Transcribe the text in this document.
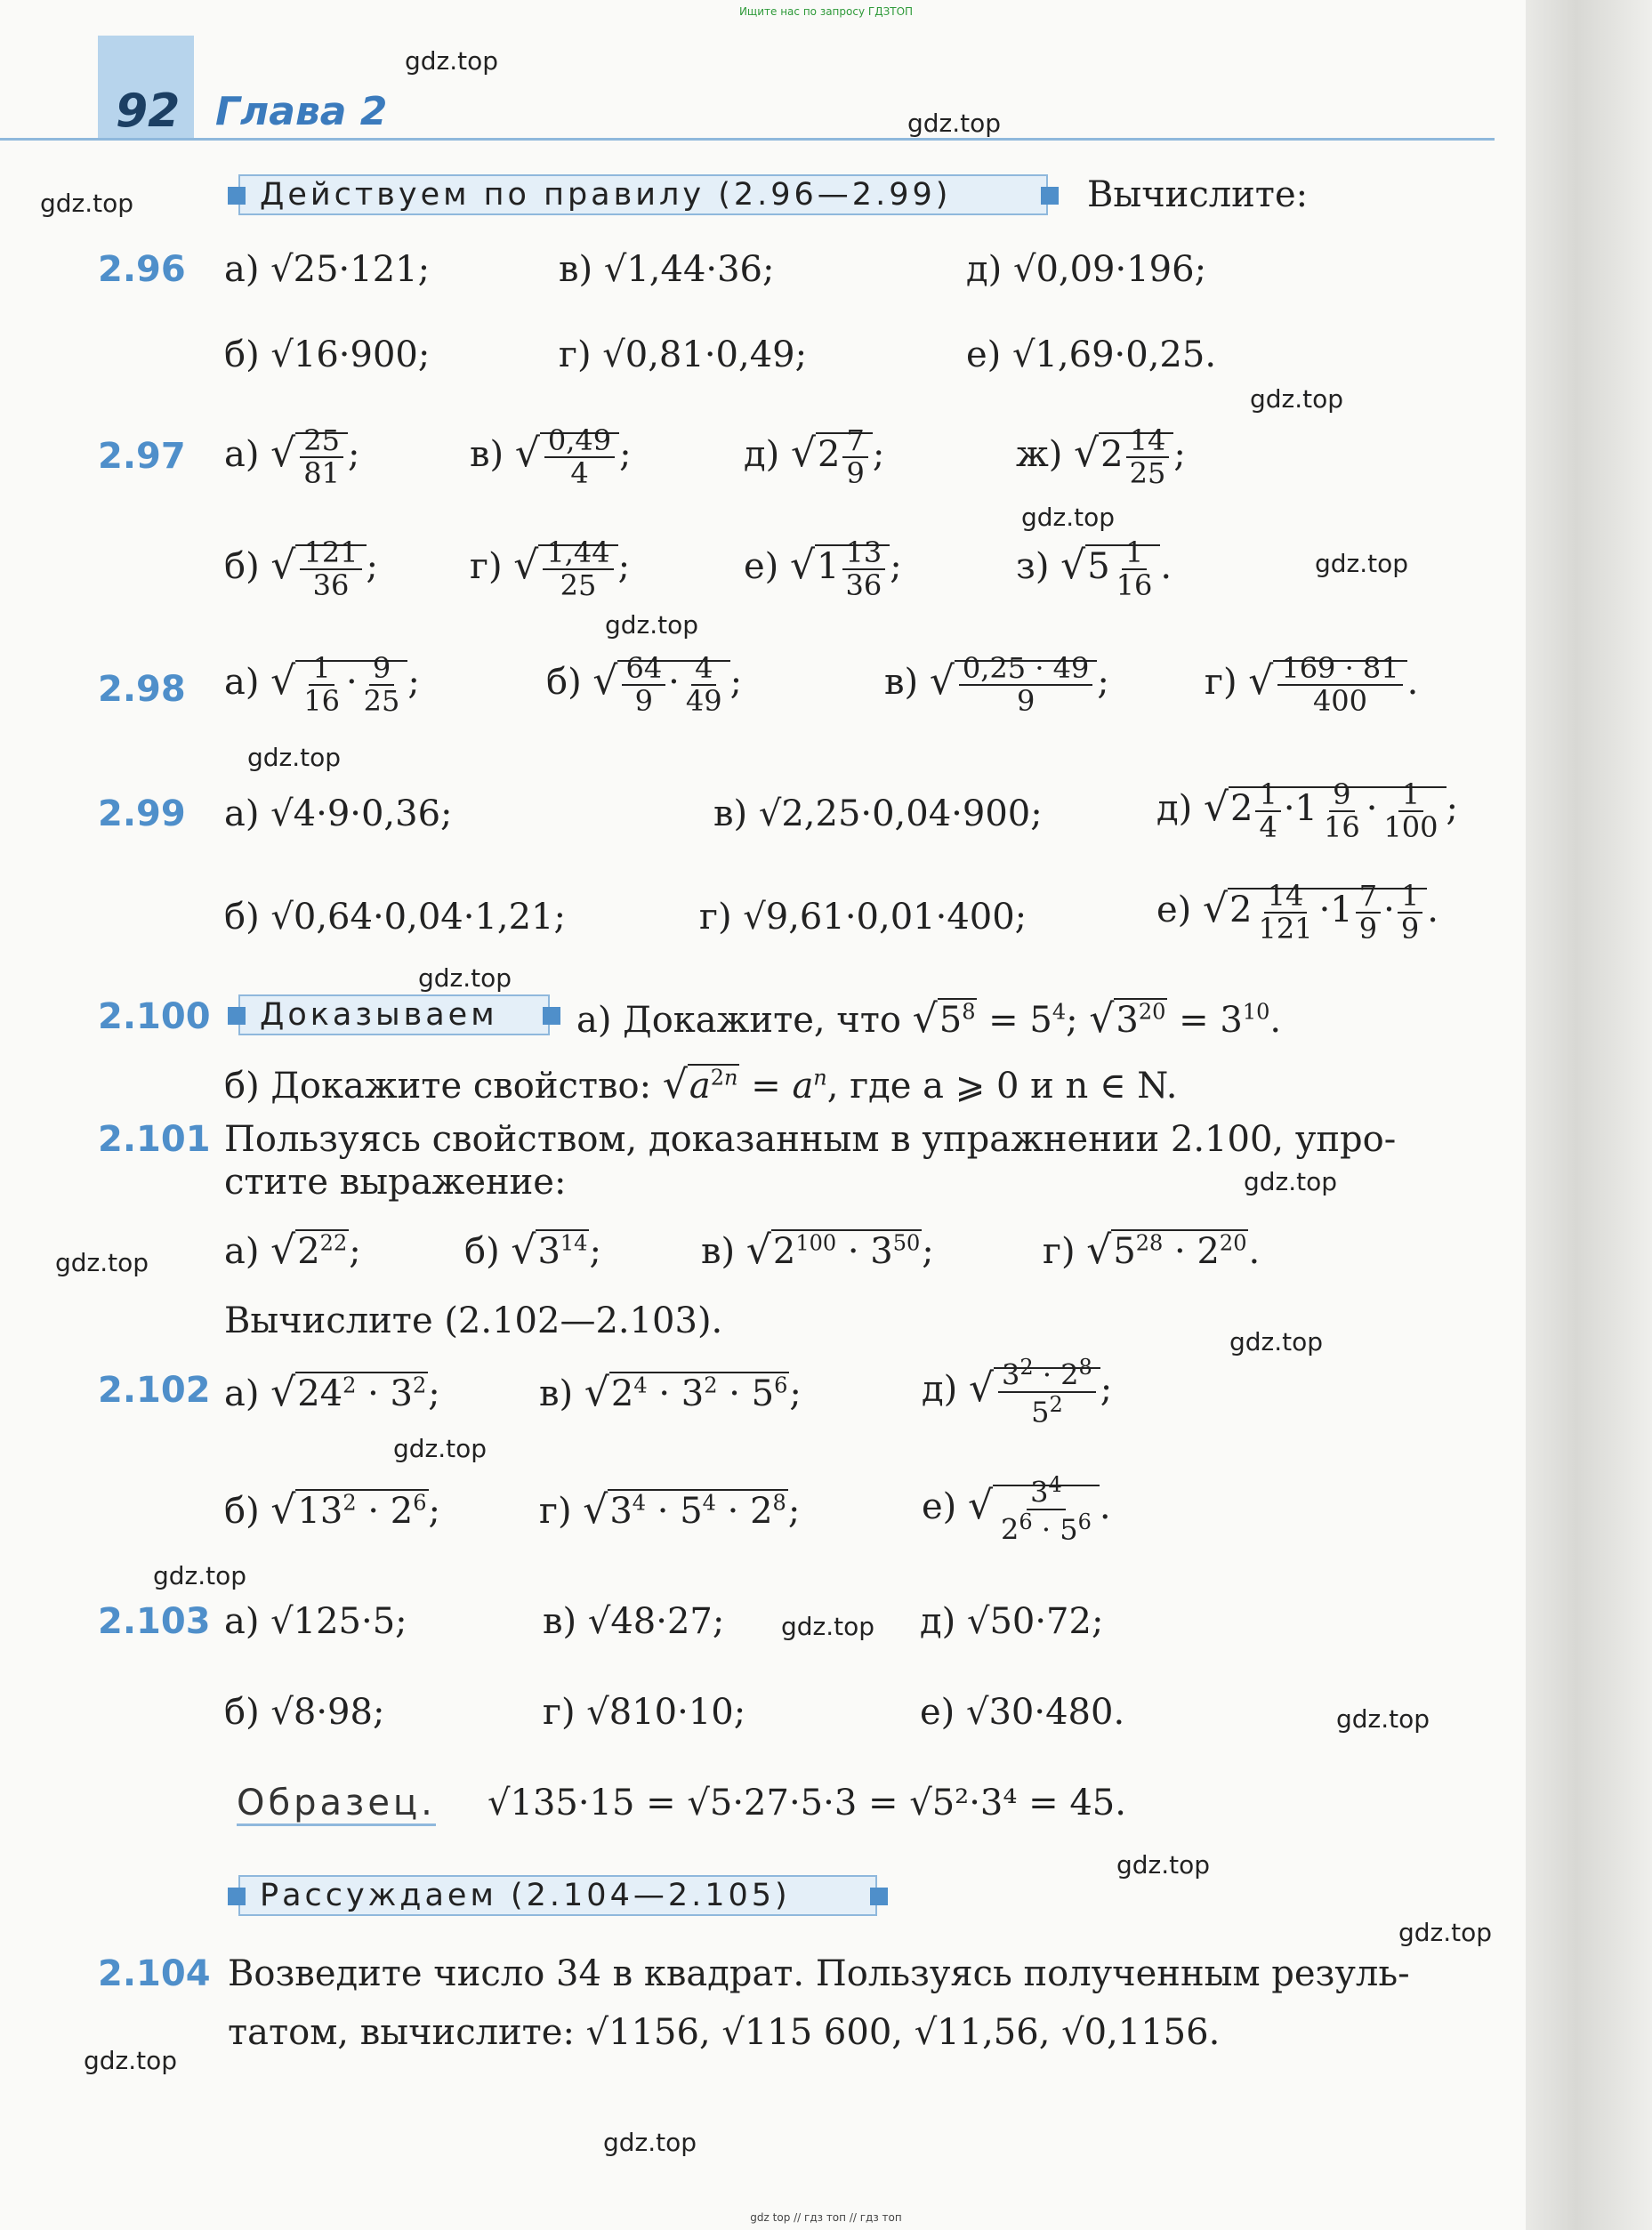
Ищите нас по запросу ГДЗТОП
gdz top // гдз топ // гдз топ
92 Глава 2
gdz.top
gdz.top
gdz.top
gdz.top
gdz.top
gdz.top
gdz.top
gdz.top
gdz.top
gdz.top
gdz.top
gdz.top
gdz.top
gdz.top
gdz.top
gdz.top
gdz.top
gdz.top
gdz.top
gdz.top
Действуем по правилу (2.96—2.99)	Вычислите:
2.96 а) √25·121;	в) √1,44·36;	д) √0,09·196;
б) √16·900;	г) √0,81·0,49;	е) √1,69·0,25.
2.97 а) √ $\frac{25}{81}$ ;	в) √ $\frac{0,49}{4}$ ;	д) √ $2 \frac{7}{9}$ ;	ж) √ $2 \frac{14}{25}$ ;
б) √ $\frac{121}{36}$ ;	г) √ $\frac{1,44}{25}$ ;	е) √ $1 \frac{13}{36}$ ;	з) √ $5 \frac{1}{16}$ .
2.98 а) √ $\frac{1}{16} \cdot \frac{9}{25}$ ;	б) √ $\frac{64}{9} \cdot \frac{4}{49}$ ;	в) √ $\frac{0,25 \cdot 49}{9}$ ;	г) √ $\frac{169 \cdot 81}{400}$ .
2.99 а) √4·9·0,36;	в) √2,25·0,04·900;	д) √ $2 \frac{1}{4} \cdot 1 \frac{9}{16} \cdot \frac{1}{100}$ ;
б) √0,64·0,04·1,21;	г) √9,61·0,01·400;	е) √ $2 \frac{14}{121} \cdot 1 \frac{7}{9} \cdot \frac{1}{9}$ .
2.100 Доказываем а) Докажите, что √ $5^8 = 5^4$; √ $3^{20} = 3^{10}$.
б) Докажите свойство: √ $a^{2n} = a^n$, где a ⩾ 0 и n ∈ N.
2.101 Пользуясь свойством, доказанным в упражнении 2.100, упро-
стите выражение:
а) √ $2^{22}$;	б) √ $3^{14}$;	в) √ $2^{100} \cdot 3^{50}$;	г) √ $5^{28} \cdot 2^{20}$.
Вычислите (2.102—2.103).
2.102 а) √ $24^2 \cdot 3^2$;	в) √ $2^4 \cdot 3^2 \cdot 5^6$;	д) √ $\frac{3^2 \cdot 2^8}{5^2}$ ;
б) √ $13^2 \cdot 2^6$;	г) √ $3^4 \cdot 5^4 \cdot 2^8$;	е) √ $\frac{3^4}{2^6 \cdot 5^6}$ .
2.103 а) √125·5;	в) √48·27;	д) √50·72;
б) √8·98;	г) √810·10;	е) √30·480.
Образец. √135·15 = √5·27·5·3 = √5²·3⁴ = 45.
Рассуждаем (2.104—2.105)
2.104 Возведите число 34 в квадрат. Пользуясь полученным резуль-
татом, вычислите: √1156, √115 600, √11,56, √0,1156.
